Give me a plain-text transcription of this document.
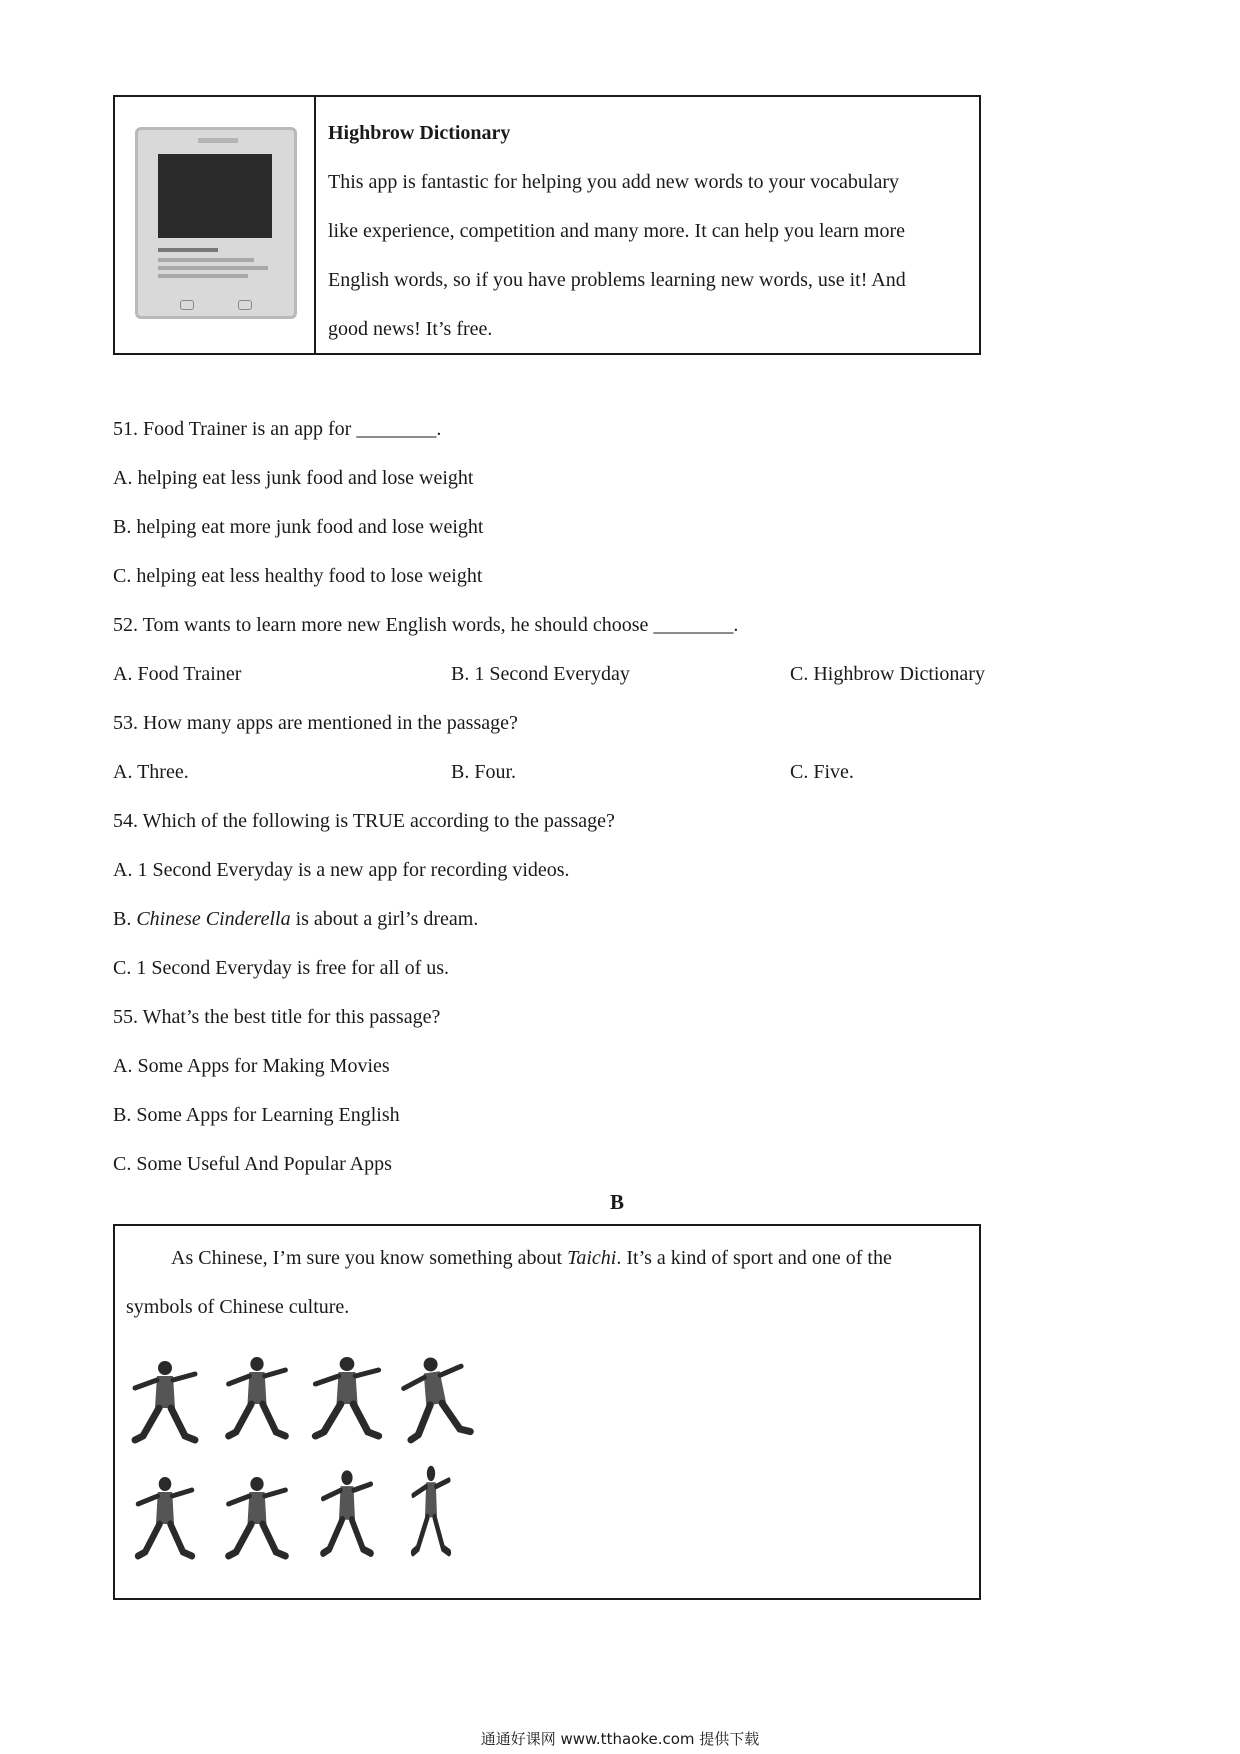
Highbrow Dictionary
This app is fantastic for helping you add new words to your vocabulary
like experience, competition and many more. It can help you learn more
English words, so if you have problems learning new words, use it! And
good news! It’s free.
51. Food Trainer is an app for ________.
A. helping eat less junk food and lose weight
B. helping eat more junk food and lose weight
C. helping eat less healthy food to lose weight
52. Tom wants to learn more new English words, he should choose ________.
A. Food Trainer	B. 1 Second Everyday	C. Highbrow Dictionary
53. How many apps are mentioned in the passage?
A. Three.	B. Four.	C. Five.
54. Which of the following is TRUE according to the passage?
A. 1 Second Everyday is a new app for recording videos.
B. Chinese Cinderella is about a girl’s dream.
C. 1 Second Everyday is free for all of us.
55. What’s the best title for this passage?
A. Some Apps for Making Movies
B. Some Apps for Learning English
C. Some Useful And Popular Apps
B
As Chinese, I’m sure you know something about Taichi. It’s a kind of sport and one of the
symbols of Chinese culture.
通通好课网 www.tthaoke.com 提供下载
